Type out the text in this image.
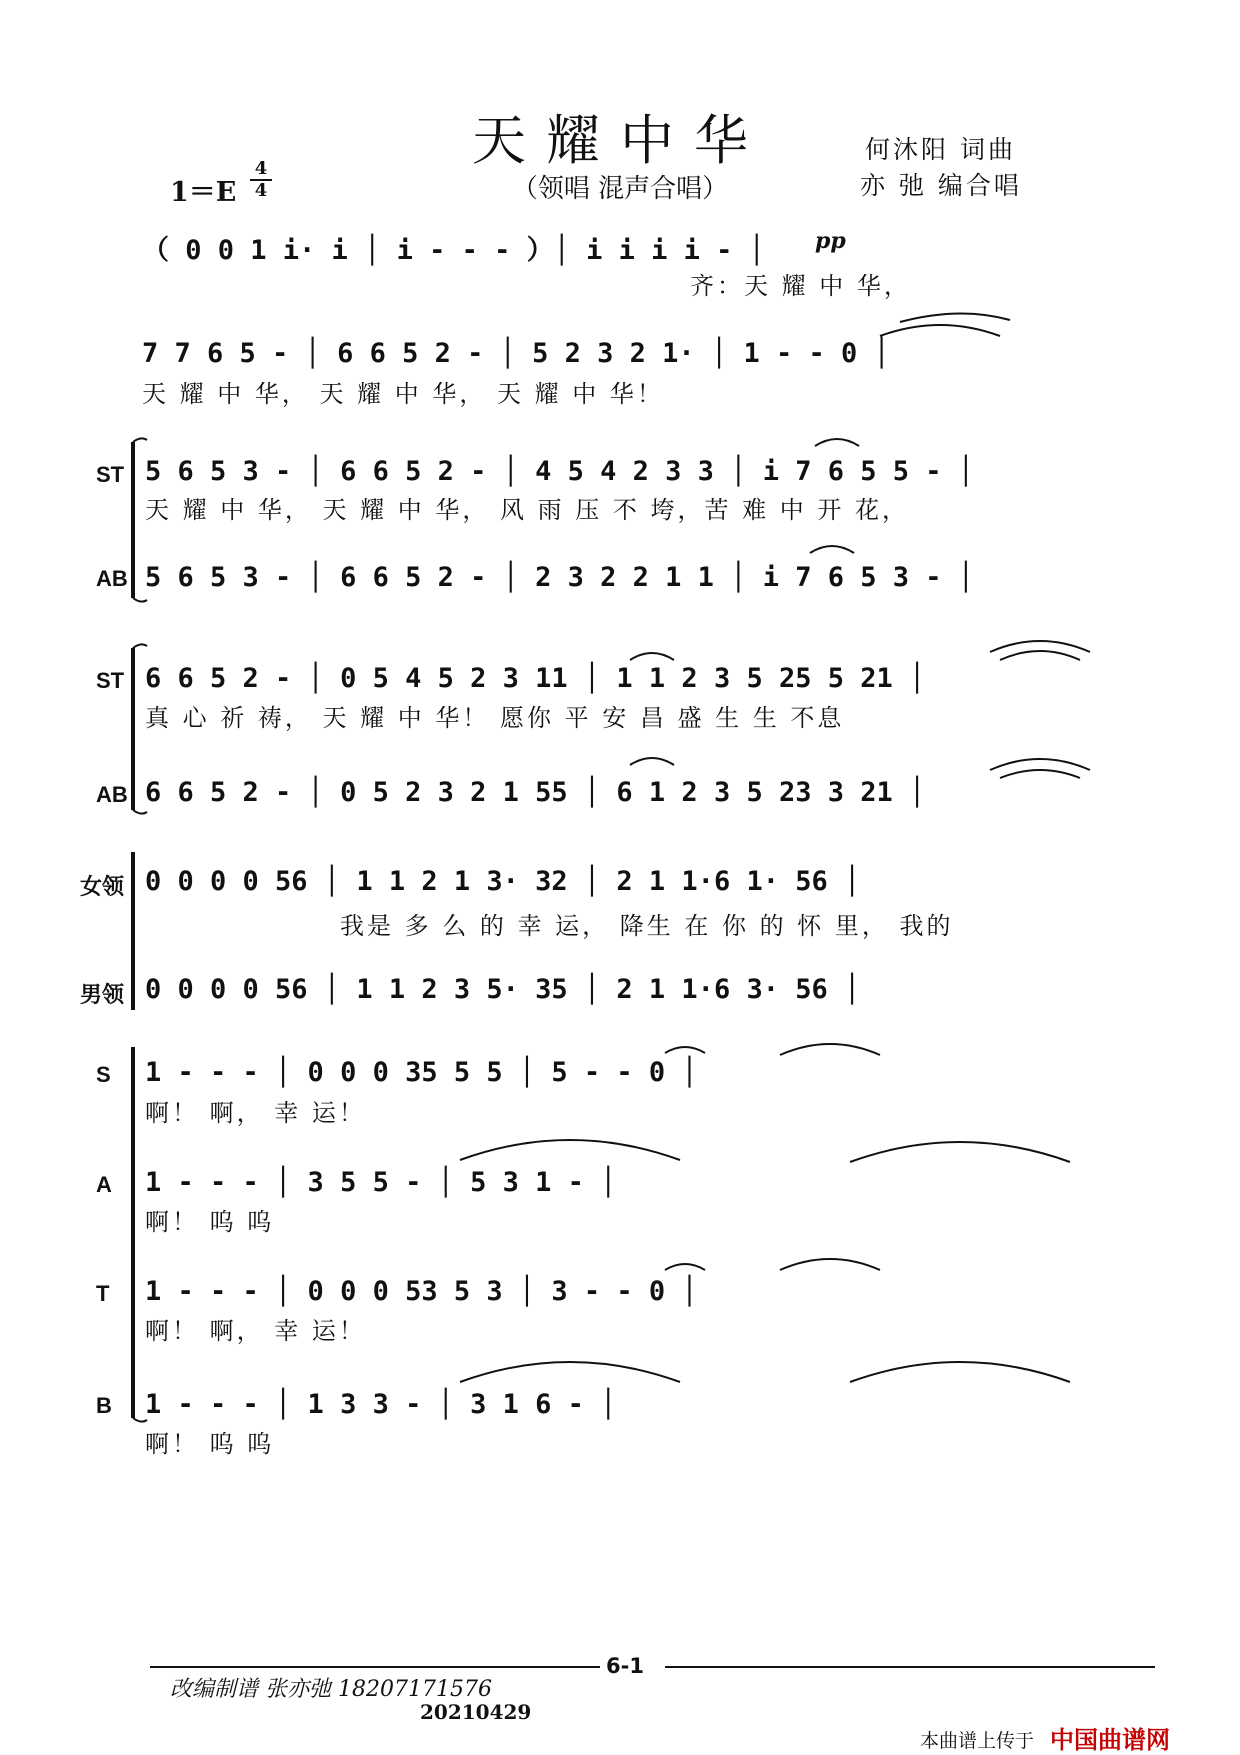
天耀中华
（领唱 混声合唱）
何沐阳 词曲
亦 弛 编合唱
1＝E
4
4
pp
（ 0 0 1 i· i │ i - - - ）│ i i i i - │
齐：天 耀 中 华，
7 7 6 5 - │ 6 6 5 2 - │ 5 2 3 2 1· │ 1 - - 0 │
天 耀 中 华， 天 耀 中 华， 天 耀 中 华！
ST 5 6 5 3 - │ 6 6 5 2 - │ 4 5 4 2 3 3 │ i 7 6 5 5 - │
天 耀 中 华， 天 耀 中 华， 风 雨 压 不 垮，苦 难 中 开 花，
AB 5 6 5 3 - │ 6 6 5 2 - │ 2 3 2 2 1 1 │ i 7 6 5 3 - │
ST 6 6 5 2 - │ 0 5 4 5 2 3 11 │ 1 1 2 3 5 25 5 21 │
真 心 祈 祷， 天 耀 中 华！ 愿你 平 安 昌 盛 生 生 不息
AB 6 6 5 2 - │ 0 5 2 3 2 1 55 │ 6 1 2 3 5 23 3 21 │
女领 0 0 0 0 56 │ 1 1 2 1 3· 32 │ 2 1 1·6 1· 56 │
我是 多 么 的 幸 运， 降生 在 你 的 怀 里， 我的
男领 0 0 0 0 56 │ 1 1 2 3 5· 35 │ 2 1 1·6 3· 56 │
S 1 - - - │ 0 0 0 35 5 5 │ 5 - - 0 │
啊！ 啊， 幸 运！
A 1 - - - │ 3 5 5 - │ 5 3 1 - │
啊！ 呜 呜
T 1 - - - │ 0 0 0 53 5 3 │ 3 - - 0 │
啊！ 啊， 幸 运！
B 1 - - - │ 1 3 3 - │ 3 1 6 - │
啊！ 呜 呜
6-1
改编制谱 张亦弛 18207171576
20210429
本曲谱上传于 中国曲谱网
